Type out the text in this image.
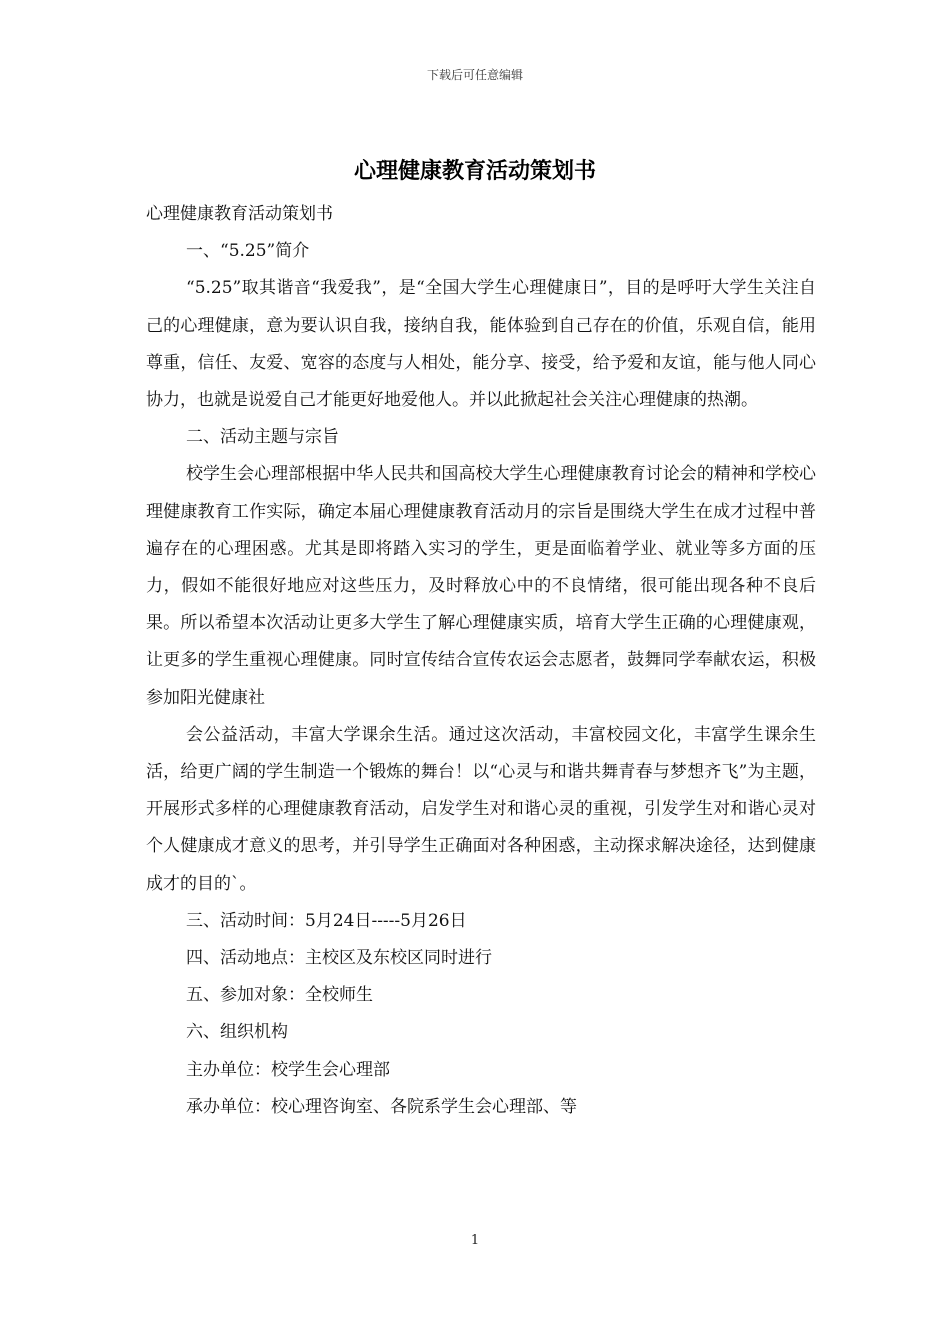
下载后可任意编辑
心理健康教育活动策划书

心理健康教育活动策划书

一、“5.25”简介

“5.25”取其谐音“我爱我”，是“全国大学生心理健康日”，目的是呼吁大学生关注自己的心理健康，意为要认识自我，接纳自我，能体验到自己存在的价值，乐观自信，能用尊重，信任、友爱、宽容的态度与人相处，能分享、接受，给予爱和友谊，能与他人同心协力，也就是说爱自己才能更好地爱他人。并以此掀起社会关注心理健康的热潮。

二、活动主题与宗旨

校学生会心理部根据中华人民共和国高校大学生心理健康教育讨论会的精神和学校心理健康教育工作实际，确定本届心理健康教育活动月的宗旨是围绕大学生在成才过程中普遍存在的心理困惑。尤其是即将踏入实习的学生，更是面临着学业、就业等多方面的压力，假如不能很好地应对这些压力，及时释放心中的不良情绪，很可能出现各种不良后果。所以希望本次活动让更多大学生了解心理健康实质，培育大学生正确的心理健康观，让更多的学生重视心理健康。同时宣传结合宣传农运会志愿者，鼓舞同学奉献农运，积极参加阳光健康社

会公益活动，丰富大学课余生活。通过这次活动，丰富校园文化，丰富学生课余生活，给更广阔的学生制造一个锻炼的舞台！以“心灵与和谐共舞青春与梦想齐飞”为主题，开展形式多样的心理健康教育活动，启发学生对和谐心灵的重视，引发学生对和谐心灵对个人健康成才意义的思考，并引导学生正确面对各种困惑，主动探求解决途径，达到健康成才的目的`。

三、活动时间：5月24日-----5月26日

四、活动地点：主校区及东校区同时进行

五、参加对象：全校师生

六、组织机构

主办单位：校学生会心理部

承办单位：校心理咨询室、各院系学生会心理部、等

1
